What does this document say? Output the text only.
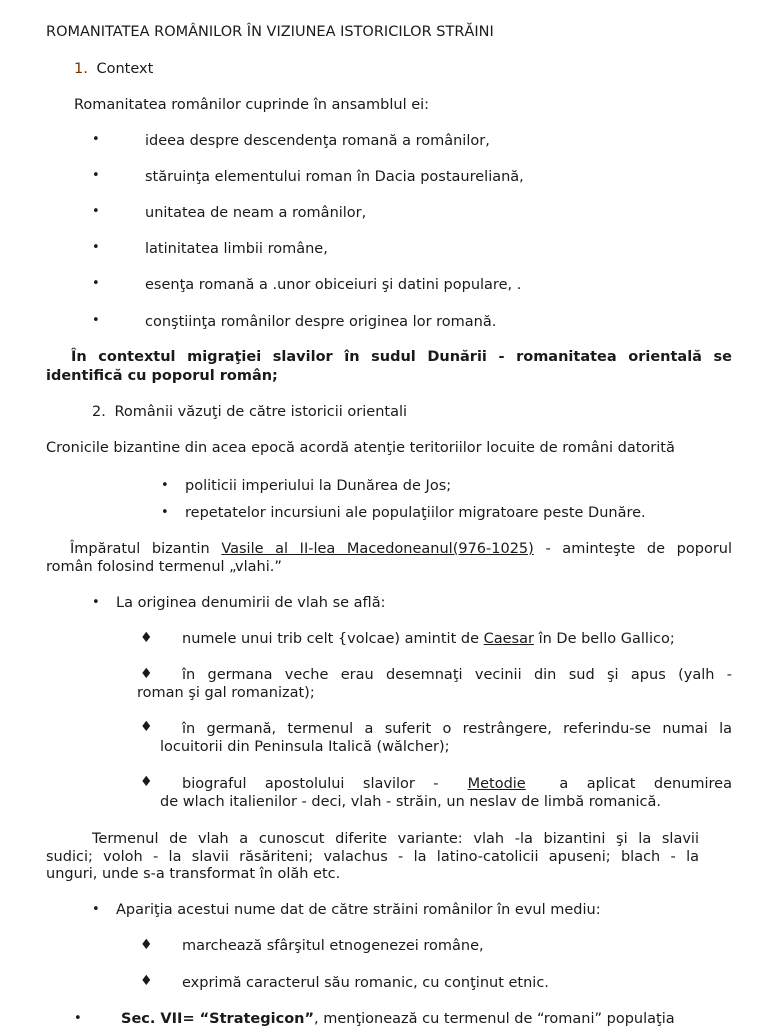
ROMANITATEA ROMÂNILOR ÎN VIZIUNEA ISTORICILOR STRĂINI
1. Context
Romanitatea românilor cuprinde în ansamblul ei:
•	ideea despre descendenţa romană a românilor,
•	stăruinţa elementului roman în Dacia postaureliană,
•	unitatea de neam a românilor,
•	latinitatea limbii române,
•	esenţa romană a .unor obiceiuri şi datini populare, .
•	conştiinţa românilor despre originea lor romană.
În contextul migraţiei slavilor în sudul Dunării - romanitatea orientală se
identifică cu poporul român;
2. Românii văzuţi de către istoricii orientali
Cronicile bizantine din acea epocă acordă atenţie teritoriilor locuite de români datorită
• politicii imperiului la Dunărea de Jos;
• repetatelor incursiuni ale populaţiilor migratoare peste Dunăre.
Împăratul bizantin Vasile al II-lea Macedoneanul(976-1025) - aminteşte de poporul
român folosind termenul „vlahi.”
• La originea denumirii de vlah se află:
♦ numele unui trib celt {volcae) amintit de Caesar în De bello Gallico;
♦ în germana veche erau desemnaţi vecinii din sud şi apus (yalh -
roman şi gal romanizat);
♦ în germană, termenul a suferit o restrângere, referindu-se numai la
locuitorii din Peninsula Italică (wălcher);
♦ biograful    apostolului    slavilor    - Metodie a    aplicat    denumirea
de wlach italienilor - deci, vlah - străin, un neslav de limbă romanică.
Termenul de vlah a cunoscut diferite variante: vlah -la bizantini şi la slavii
sudici; voloh - la slavii răsăriteni; valachus - la latino-catolicii apuseni; blach - la
unguri, unde s-a transformat în olăh etc.
• Apariţia acestui nume dat de către străini românilor în evul mediu:
♦ marchează sfârşitul etnogenezei române,
♦ exprimă caracterul său romanic, cu conţinut etnic.
•	Sec. VII= “Strategicon”, menţionează cu termenul de “romani” populaţia
